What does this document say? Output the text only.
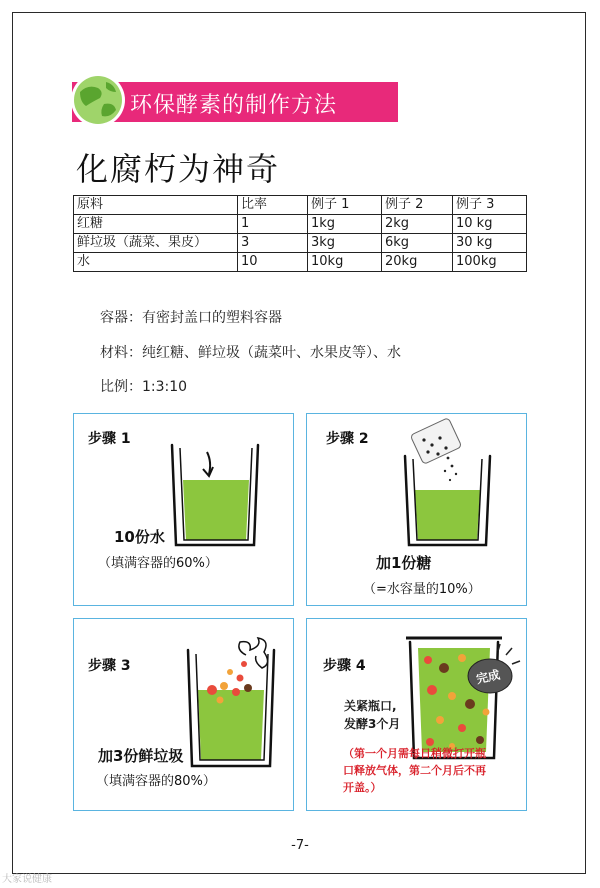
环保酵素的制作方法
化腐朽为神奇
原料	比率	例子 1	例子 2	例子 3
红糖	1	1kg	2kg	10 kg
鲜垃圾（蔬菜、果皮）	3	3kg	6kg	30 kg
水	10	10kg	20kg	100kg
容器：有密封盖口的塑料容器
材料：纯红糖、鲜垃圾（蔬菜叶、水果皮等）、水
比例：1:3:10
完成
步骤 1
10份水
（填满容器的60%）
步骤 2
加1份糖
（=水容量的10%）
步骤 3
加3份鲜垃圾
（填满容器的80%）
步骤 4
关紧瓶口,
发酵3个月
（第一个月需每日稍微打开瓶口释放气体，第二个月后不再开盖。）
-7-
大家说健康
